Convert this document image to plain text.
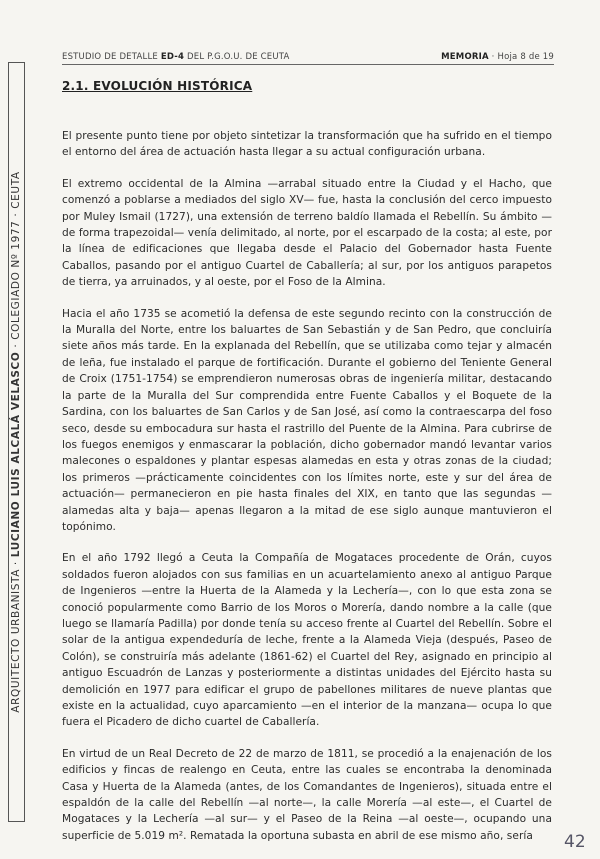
ARQUITECTO URBANISTA · LUCIANO LUIS ALCALÁ VELASCO · COLEGIADO Nº 1977 · CEUTA
ESTUDIO DE DETALLE ED-4 DEL P.G.O.U. DE CEUTA	MEMORIA · Hoja 8 de 19
2.1. EVOLUCIÓN HISTÓRICA

El presente punto tiene por objeto sintetizar la transformación que ha sufrido en el tiempo el entorno del área de actuación hasta llegar a su actual configuración urbana.

El extremo occidental de la Almina —arrabal situado entre la Ciudad y el Hacho, que comenzó a poblarse a mediados del siglo XV— fue, hasta la conclusión del cerco impuesto por Muley Ismail (1727), una extensión de terreno baldío llamada el Rebellín. Su ámbito —de forma trapezoidal— venía delimitado, al norte, por el escarpado de la costa; al este, por la línea de edificaciones que llegaba desde el Palacio del Gobernador hasta Fuente Caballos, pasando por el antiguo Cuartel de Caballería; al sur, por los antiguos parapetos de tierra, ya arruinados, y al oeste, por el Foso de la Almina.

Hacia el año 1735 se acometió la defensa de este segundo recinto con la construcción de la Muralla del Norte, entre los baluartes de San Sebastián y de San Pedro, que concluiría siete años más tarde. En la explanada del Rebellín, que se utilizaba como tejar y almacén de leña, fue instalado el parque de fortificación. Durante el gobierno del Teniente General de Croix (1751-1754) se emprendieron numerosas obras de ingeniería militar, destacando la parte de la Muralla del Sur comprendida entre Fuente Caballos y el Boquete de la Sardina, con los baluartes de San Carlos y de San José, así como la contraescarpa del foso seco, desde su embocadura sur hasta el rastrillo del Puente de la Almina. Para cubrirse de los fuegos enemigos y enmascarar la población, dicho gobernador mandó levantar varios malecones o espaldones y plantar espesas alamedas en esta y otras zonas de la ciudad; los primeros —prácticamente coincidentes con los límites norte, este y sur del área de actuación— permanecieron en pie hasta finales del XIX, en tanto que las segundas —alamedas alta y baja— apenas llegaron a la mitad de ese siglo aunque mantuvieron el topónimo.

En el año 1792 llegó a Ceuta la Compañía de Mogataces procedente de Orán, cuyos soldados fueron alojados con sus familias en un acuartelamiento anexo al antiguo Parque de Ingenieros —entre la Huerta de la Alameda y la Lechería—, con lo que esta zona se conoció popularmente como Barrio de los Moros o Morería, dando nombre a la calle (que luego se llamaría Padilla) por donde tenía su acceso frente al Cuartel del Rebellín. Sobre el solar de la antigua expendeduría de leche, frente a la Alameda Vieja (después, Paseo de Colón), se construiría más adelante (1861-62) el Cuartel del Rey, asignado en principio al antiguo Escuadrón de Lanzas y posteriormente a distintas unidades del Ejército hasta su demolición en 1977 para edificar el grupo de pabellones militares de nueve plantas que existe en la actualidad, cuyo aparcamiento —en el interior de la manzana— ocupa lo que fuera el Picadero de dicho cuartel de Caballería.

En virtud de un Real Decreto de 22 de marzo de 1811, se procedió a la enajenación de los edificios y fincas de realengo en Ceuta, entre las cuales se encontraba la denominada Casa y Huerta de la Alameda (antes, de los Comandantes de Ingenieros), situada entre el espaldón de la calle del Rebellín —al norte—, la calle Morería —al este—, el Cuartel de Mogataces y la Lechería —al sur— y el Paseo de la Reina —al oeste—, ocupando una superficie de 5.019 m². Rematada la oportuna subasta en abril de ese mismo año, sería	42
